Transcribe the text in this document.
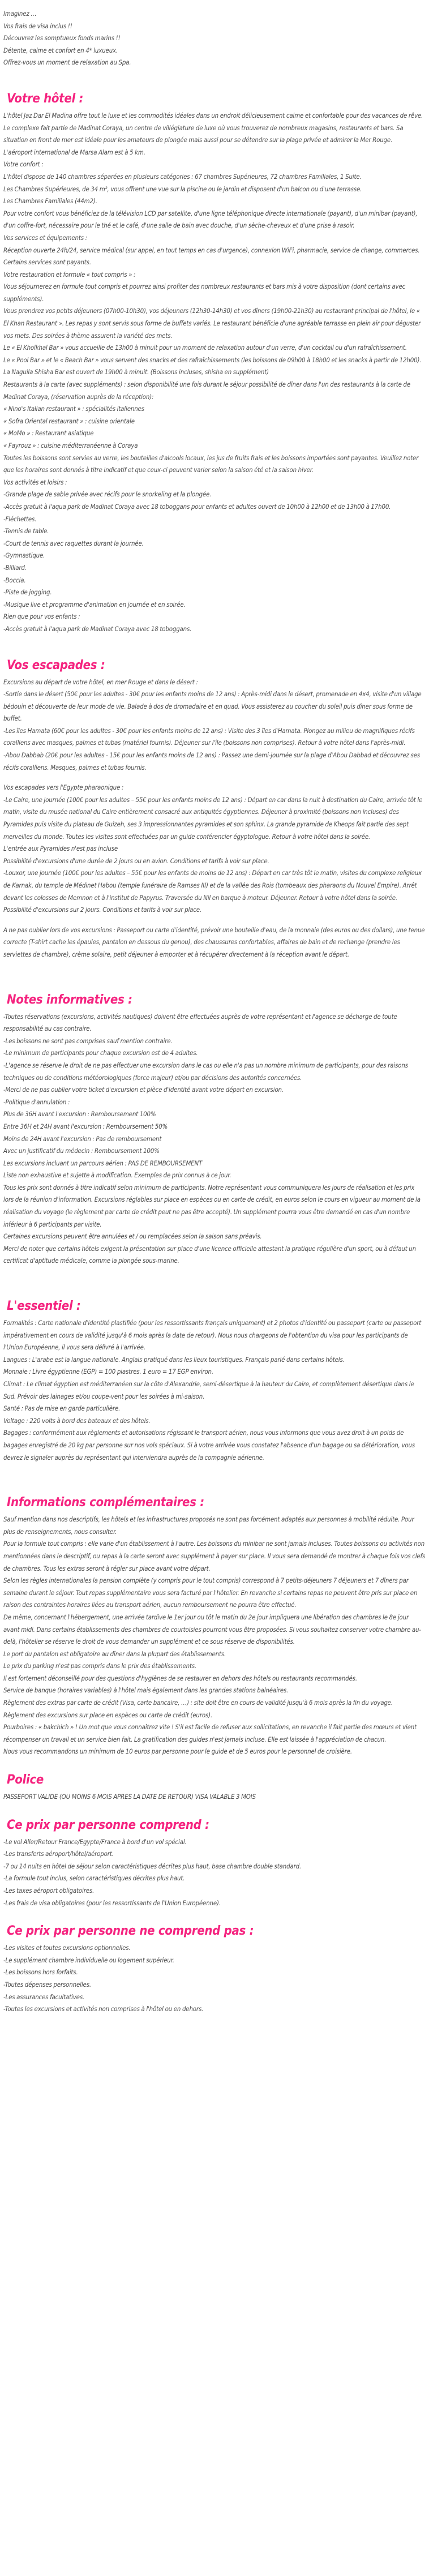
Imaginez …
Vos frais de visa inclus !!
Découvrez les somptueux fonds marins !!
Détente, calme et confort en 4* luxueux.
Offrez-vous un moment de relaxation au Spa.
Votre hôtel :

L'hôtel Jaz Dar El Madina offre tout le luxe et les commodités idéales dans un endroit délicieusement calme et confortable pour des vacances de rêve. Le complexe fait partie de Madinat Coraya, un centre de villégiature de luxe où vous trouverez de nombreux magasins, restaurants et bars. Sa situation en front de mer est idéale pour les amateurs de plongée mais aussi pour se détendre sur la plage privée et admirer la Mer Rouge.

L'aéroport international de Marsa Alam est à 5 km.

Votre confort :

L'hôtel dispose de 140 chambres séparées en plusieurs catégories : 67 chambres Supérieures, 72 chambres Familiales, 1 Suite.

Les Chambres Supérieures, de 34 m², vous offrent une vue sur la piscine ou le jardin et disposent d'un balcon ou d'une terrasse.

Les Chambres Familiales (44m2).

Pour votre confort vous bénéficiez de la télévision LCD par satellite, d'une ligne téléphonique directe internationale (payant), d'un minibar (payant), d'un coffre-fort, nécessaire pour le thé et le café, d'une salle de bain avec douche, d'un sèche-cheveux et d'une prise à rasoir.

Vos services et équipements :

Réception ouverte 24h/24, service médical (sur appel, en tout temps en cas d'urgence), connexion WiFi, pharmacie, service de change, commerces.

Certains services sont payants.

Votre restauration et formule « tout compris » :

Vous séjournerez en formule tout compris et pourrez ainsi profiter des nombreux restaurants et bars mis à votre disposition (dont certains avec suppléments).

Vous prendrez vos petits déjeuners (07h00-10h30), vos déjeuners (12h30-14h30) et vos dîners (19h00-21h30) au restaurant principal de l'hôtel, le « El Khan Restaurant ». Les repas y sont servis sous forme de buffets variés. Le restaurant bénéficie d'une agréable terrasse en plein air pour déguster vos mets. Des soirées à thème assurent la variété des mets.

Le « El Kholkhal Bar » vous accueille de 13h00 à minuit pour un moment de relaxation autour d'un verre, d'un cocktail ou d'un rafraîchissement.

Le « Pool Bar » et le « Beach Bar » vous servent des snacks et des rafraîchissements (les boissons de 09h00 à 18h00 et les snacks à partir de 12h00).

La Naguila Shisha Bar est ouvert de 19h00 à minuit. (Boissons incluses, shisha en supplément)

Restaurants à la carte (avec suppléments) : selon disponibilité une fois durant le séjour possibilité de dîner dans l'un des restaurants à la carte de Madinat Coraya, (réservation auprès de la réception):

« Nino's Italian restaurant » : spécialités italiennes

« Sofra Oriental restaurant » : cuisine orientale

« MoMo » : Restaurant asiatique

« Fayrouz » : cuisine méditerranéenne à Coraya

Toutes les boissons sont servies au verre, les bouteilles d'alcools locaux, les jus de fruits frais et les boissons importées sont payantes. Veuillez noter que les horaires sont donnés à titre indicatif et que ceux-ci peuvent varier selon la saison été et la saison hiver.

Vos activités et loisirs :

-Grande plage de sable privée avec récifs pour le snorkeling et la plongée.

-Accès gratuit à l'aqua park de Madinat Coraya avec 18 toboggans pour enfants et adultes ouvert de 10h00 à 12h00 et de 13h00 à 17h00.

-Fléchettes.

-Tennis de table.

-Court de tennis avec raquettes durant la journée.

-Gymnastique.

-Billiard.

-Boccia.

-Piste de jogging.

-Musique live et programme d'animation en journée et en soirée.

Rien que pour vos enfants :

-Accès gratuit à l'aqua park de Madinat Coraya avec 18 toboggans.

Vos escapades :

Excursions au départ de votre hôtel, en mer Rouge et dans le désert :

-Sortie dans le désert (50€ pour les adultes - 30€ pour les enfants moins de 12 ans) : Après-midi dans le désert, promenade en 4x4, visite d'un village bédouin et découverte de leur mode de vie. Balade à dos de dromadaire et en quad. Vous assisterez au coucher du soleil puis dîner sous forme de buffet.

-Les îles Hamata (60€ pour les adultes - 30€ pour les enfants moins de 12 ans) : Visite des 3 îles d'Hamata. Plongez au milieu de magnifiques récifs coralliens avec masques, palmes et tubas (matériel fournis). Déjeuner sur l'île (boissons non comprises). Retour à votre hôtel dans l'après-midi.

-Abou Dabbab (20€ pour les adultes - 15€ pour les enfants moins de 12 ans) : Passez une demi-journée sur la plage d'Abou Dabbad et découvrez ses récifs coralliens. Masques, palmes et tubas fournis.

Vos escapades vers l'Egypte pharaonique :

-Le Caire, une journée (100€ pour les adultes – 55€ pour les enfants moins de 12 ans) : Départ en car dans la nuit à destination du Caire, arrivée tôt le matin, visite du musée national du Caire entièrement consacré aux antiquités égyptiennes. Déjeuner à proximité (boissons non incluses) des Pyramides puis visite du plateau de Guizeh, ses 3 impressionnantes pyramides et son sphinx. La grande pyramide de Kheops fait partie des sept merveilles du monde. Toutes les visites sont effectuées par un guide conférencier égyptologue. Retour à votre hôtel dans la soirée.

L'entrée aux Pyramides n'est pas incluse

Possibilité d'excursions d'une durée de 2 jours ou en avion. Conditions et tarifs à voir sur place.

-Louxor, une journée (100€ pour les adultes – 55€ pour les enfants de moins de 12 ans) : Départ en car très tôt le matin, visites du complexe religieux de Karnak, du temple de Médinet Habou (temple funéraire de Ramses III) et de la vallée des Rois (tombeaux des pharaons du Nouvel Empire). Arrêt devant les colosses de Memnon et à l'institut de Papyrus. Traversée du Nil en barque à moteur. Déjeuner. Retour à votre hôtel dans la soirée.

Possibilité d'excursions sur 2 jours. Conditions et tarifs à voir sur place.

A ne pas oublier lors de vos excursions : Passeport ou carte d'identité, prévoir une bouteille d'eau, de la monnaie (des euros ou des dollars), une tenue correcte (T-shirt cache les épaules, pantalon en dessous du genou), des chaussures confortables, affaires de bain et de rechange (prendre les serviettes de chambre), crème solaire, petit déjeuner à emporter et à récupérer directement à la réception avant le départ.

Notes informatives :

-Toutes réservations (excursions, activités nautiques) doivent être effectuées auprès de votre représentant et l'agence se décharge de toute responsabilité au cas contraire.

-Les boissons ne sont pas comprises sauf mention contraire.

-Le minimum de participants pour chaque excursion est de 4 adultes.

-L'agence se réserve le droit de ne pas effectuer une excursion dans le cas ou elle n'a pas un nombre minimum de participants, pour des raisons techniques ou de conditions météorologiques (force majeur) et/ou par décisions des autorités concernées.

-Merci de ne pas oublier votre ticket d'excursion et pièce d'identité avant votre départ en excursion.

-Politique d'annulation :

Plus de 36H avant l'excursion : Remboursement 100%

Entre 36H et 24H avant l'excursion : Remboursement 50%

Moins de 24H avant l'excursion : Pas de remboursement

Avec un justificatif du médecin : Remboursement 100%

Les excursions incluant un parcours aérien : PAS DE REMBOURSEMENT

Liste non exhaustive et sujette à modification. Exemples de prix connus à ce jour.

Tous les prix sont donnés à titre indicatif selon minimum de participants. Notre représentant vous communiquera les jours de réalisation et les prix lors de la réunion d'information. Excursions réglables sur place en espèces ou en carte de crédit, en euros selon le cours en vigueur au moment de la réalisation du voyage (le règlement par carte de crédit peut ne pas être accepté). Un supplément pourra vous être demandé en cas d'un nombre inférieur à 6 participants par visite.

Certaines excursions peuvent être annulées et / ou remplacées selon la saison sans préavis.

Merci de noter que certains hôtels exigent la présentation sur place d'une licence officielle attestant la pratique régulière d'un sport, ou à défaut un certificat d'aptitude médicale, comme la plongée sous-marine.

L'essentiel :

Formalités : Carte nationale d'identité plastifiée (pour les ressortissants français uniquement) et 2 photos d'identité ou passeport (carte ou passeport impérativement en cours de validité jusqu'à 6 mois après la date de retour). Nous nous chargeons de l'obtention du visa pour les participants de l'Union Européenne, il vous sera délivré à l'arrivée.

Langues : L'arabe est la langue nationale. Anglais pratiqué dans les lieux touristiques. Français parlé dans certains hôtels.

Monnaie : Livre égyptienne (EGP) = 100 piastres. 1 euro = 17 EGP environ.

Climat : Le climat égyptien est méditerranéen sur la côte d'Alexandrie, semi-désertique à la hauteur du Caire, et complètement désertique dans le Sud. Prévoir des lainages et/ou coupe-vent pour les soirées à mi-saison.

Santé : Pas de mise en garde particulière.

Voltage : 220 volts à bord des bateaux et des hôtels.

Bagages : conformément aux règlements et autorisations régissant le transport aérien, nous vous informons que vous avez droit à un poids de bagages enregistré de 20 kg par personne sur nos vols spéciaux. Si à votre arrivée vous constatez l'absence d'un bagage ou sa détérioration, vous devrez le signaler auprès du représentant qui interviendra auprès de la compagnie aérienne.

Informations complémentaires :

Sauf mention dans nos descriptifs, les hôtels et les infrastructures proposés ne sont pas forcément adaptés aux personnes à mobilité réduite. Pour plus de renseignements, nous consulter.

Pour la formule tout compris : elle varie d'un établissement à l'autre. Les boissons du minibar ne sont jamais incluses. Toutes boissons ou activités non mentionnées dans le descriptif, ou repas à la carte seront avec supplément à payer sur place. Il vous sera demandé de montrer à chaque fois vos clefs de chambres. Tous les extras seront à régler sur place avant votre départ.

Selon les règles internationales la pension complète (y compris pour le tout compris) correspond à 7 petits-déjeuners 7 déjeuners et 7 dîners par semaine durant le séjour. Tout repas supplémentaire vous sera facturé par l'hôtelier. En revanche si certains repas ne peuvent être pris sur place en raison des contraintes horaires liées au transport aérien, aucun remboursement ne pourra être effectué.

De même, concernant l'hébergement, une arrivée tardive le 1er jour ou tôt le matin du 2e jour impliquera une libération des chambres le 8e jour avant midi. Dans certains établissements des chambres de courtoisies pourront vous être proposées. Si vous souhaitez conserver votre chambre au-delà, l'hôtelier se réserve le droit de vous demander un supplément et ce sous réserve de disponibilités.

Le port du pantalon est obligatoire au dîner dans la plupart des établissements.

Le prix du parking n'est pas compris dans le prix des établissements.

Il est fortement déconseillé pour des questions d'hygiènes de se restaurer en dehors des hôtels ou restaurants recommandés.

Service de banque (horaires variables) à l'hôtel mais également dans les grandes stations balnéaires.

Règlement des extras par carte de crédit (Visa, carte bancaire, …) : site doit être en cours de validité jusqu'à 6 mois après la fin du voyage.

Règlement des excursions sur place en espèces ou carte de crédit (euros).

Pourboires : « bakchich » ! Un mot que vous connaîtrez vite ! S'il est facile de refuser aux sollicitations, en revanche il fait partie des mœurs et vient récompenser un travail et un service bien fait. La gratification des guides n'est jamais incluse. Elle est laissée à l'appréciation de chacun.

Nous vous recommandons un minimum de 10 euros par personne pour le guide et de 5 euros pour le personnel de croisière.

Police

PASSEPORT VALIDE (OU MOINS 6 MOIS APRES LA DATE DE RETOUR) VISA VALABLE 3 MOIS

Ce prix par personne comprend :

-Le vol Aller/Retour France/Egypte/France à bord d'un vol spécial.

-Les transferts aéroport/hôtel/aéroport.

-7 ou 14 nuits en hôtel de séjour selon caractéristiques décrites plus haut, base chambre double standard.

-La formule tout inclus, selon caractéristiques décrites plus haut.

-Les taxes aéroport obligatoires.

-Les frais de visa obligatoires (pour les ressortissants de l'Union Européenne).

Ce prix par personne ne comprend pas :

-Les visites et toutes excursions optionnelles.

-Le supplément chambre individuelle ou logement supérieur.

-Les boissons hors forfaits.

-Toutes dépenses personnelles.

-Les assurances facultatives.

-Toutes les excursions et activités non comprises à l'hôtel ou en dehors.
